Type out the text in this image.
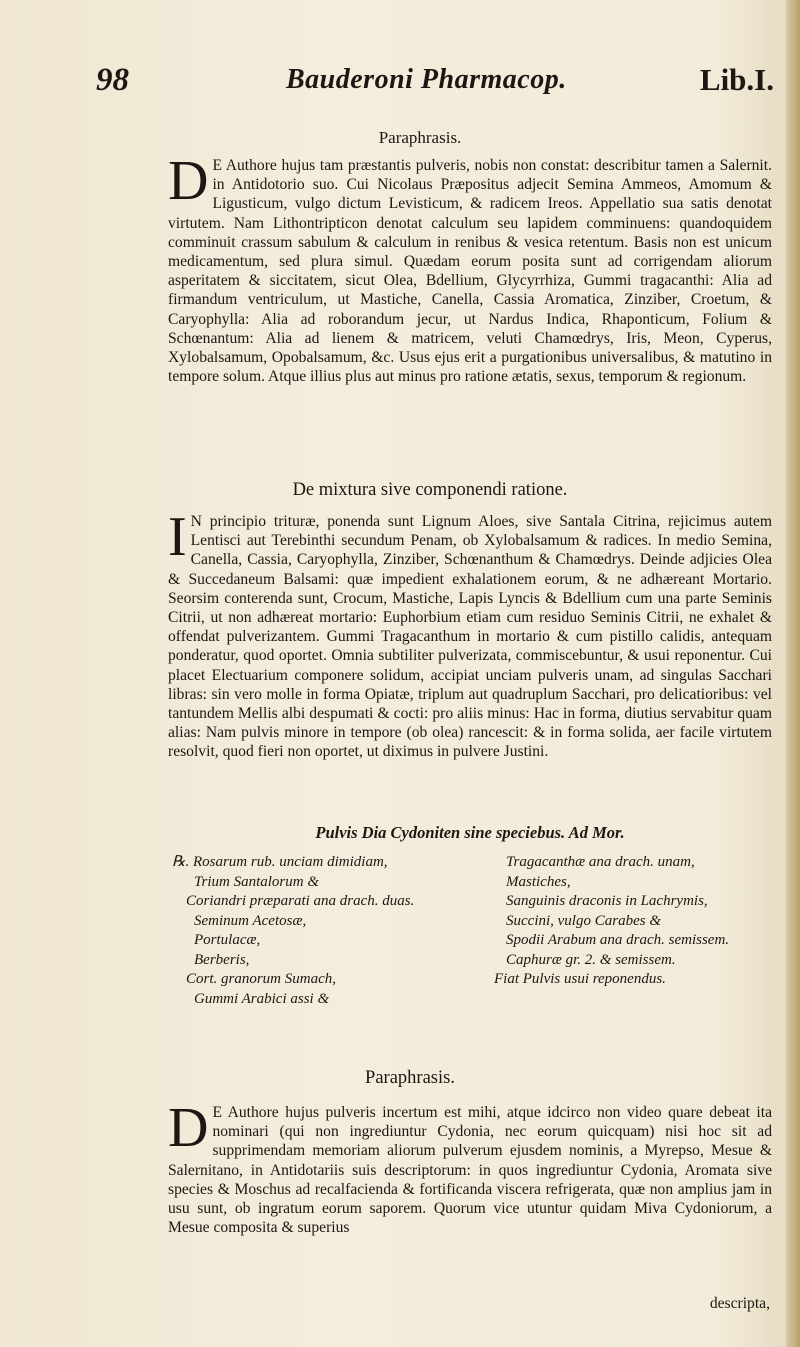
98	Bauderoni Pharmacop.	Lib.I.
Paraphrasis.
D E Authore hujus tam præstantis pulveris, nobis non constat: describitur tamen a Salernit. in Antidotorio suo. Cui Nicolaus Præpositus adjecit Semina Ammeos, Amomum & Ligusticum, vulgo dictum Levisticum, & radicem Ireos. Appellatio sua satis denotat virtutem. Nam Lithontripticon denotat calculum seu lapidem comminuens: quandoquidem comminuit crassum sabulum & calculum in renibus & vesica retentum. Basis non est unicum medicamentum, sed plura simul. Quædam eorum posita sunt ad corrigendam aliorum asperitatem & siccitatem, sicut Olea, Bdellium, Glycyrrhiza, Gummi tragacanthi: Alia ad firmandum ventriculum, ut Mastiche, Canella, Cassia Aromatica, Zinziber, Croetum, & Caryophylla: Alia ad roborandum jecur, ut Nardus Indica, Rhaponticum, Folium & Schœnantum: Alia ad lienem & matricem, veluti Chamœdrys, Iris, Meon, Cyperus, Xylobalsamum, Opobalsamum, &c. Usus ejus erit a purgationibus universalibus, & matutino in tempore solum. Atque illius plus aut minus pro ratione ætatis, sexus, temporum & regionum.
De mixtura sive componendi ratione.
I N principio trituræ, ponenda sunt Lignum Aloes, sive Santala Citrina, rejicimus autem Lentisci aut Terebinthi secundum Penam, ob Xylobalsamum & radices. In medio Semina, Canella, Cassia, Caryophylla, Zinziber, Schœnanthum & Chamœdrys. Deinde adjicies Olea & Succedaneum Balsami: quæ impedient exhalationem eorum, & ne adhæreant Mortario. Seorsim conterenda sunt, Crocum, Mastiche, Lapis Lyncis & Bdellium cum una parte Seminis Citrii, ut non adhæreat mortario: Euphorbium etiam cum residuo Seminis Citrii, ne exhalet & offendat pulverizantem. Gummi Tragacanthum in mortario & cum pistillo calidis, antequam ponderatur, quod oportet. Omnia subtiliter pulverizata, commiscebuntur, & usui reponentur. Cui placet Electuarium componere solidum, accipiat unciam pulveris unam, ad singulas Sacchari libras: sin vero molle in forma Opiatæ, triplum aut quadruplum Sacchari, pro delicatioribus: vel tantundem Mellis albi despumati & cocti: pro aliis minus: Hac in forma, diutius servabitur quam alias: Nam pulvis minore in tempore (ob olea) rancescit: & in forma solida, aer facile virtutem resolvit, quod fieri non oportet, ut diximus in pulvere Justini.
Pulvis Dia Cydoniten sine speciebus. Ad Mor.
℞. Rosarum rub. unciam dimidiam,
Trium Santalorum &
Coriandri præparati ana drach. duas.
Seminum Acetosæ,
Portulacæ,
Berberis,
Cort. granorum Sumach,
Gummi Arabici assi &
Tragacanthæ ana drach. unam,
Mastiches,
Sanguinis draconis in Lachrymis,
Succini, vulgo Carabes &
Spodii Arabum ana drach. semissem.
Caphuræ gr. 2. & semissem.
Fiat Pulvis usui reponendus.
Paraphrasis.
D E Authore hujus pulveris incertum est mihi, atque idcirco non video quare debeat ita nominari (qui non ingrediuntur Cydonia, nec eorum quicquam) nisi hoc sit ad supprimendam memoriam aliorum pulverum ejusdem nominis, a Myrepso, Mesue & Salernitano, in Antidotariis suis descriptorum: in quos ingrediuntur Cydonia, Aromata sive species & Moschus ad recalfacienda & fortificanda viscera refrigerata, quæ non amplius jam in usu sunt, ob ingratum eorum saporem. Quorum vice utuntur quidam Miva Cydoniorum, a Mesue composita & superius
descripta,
